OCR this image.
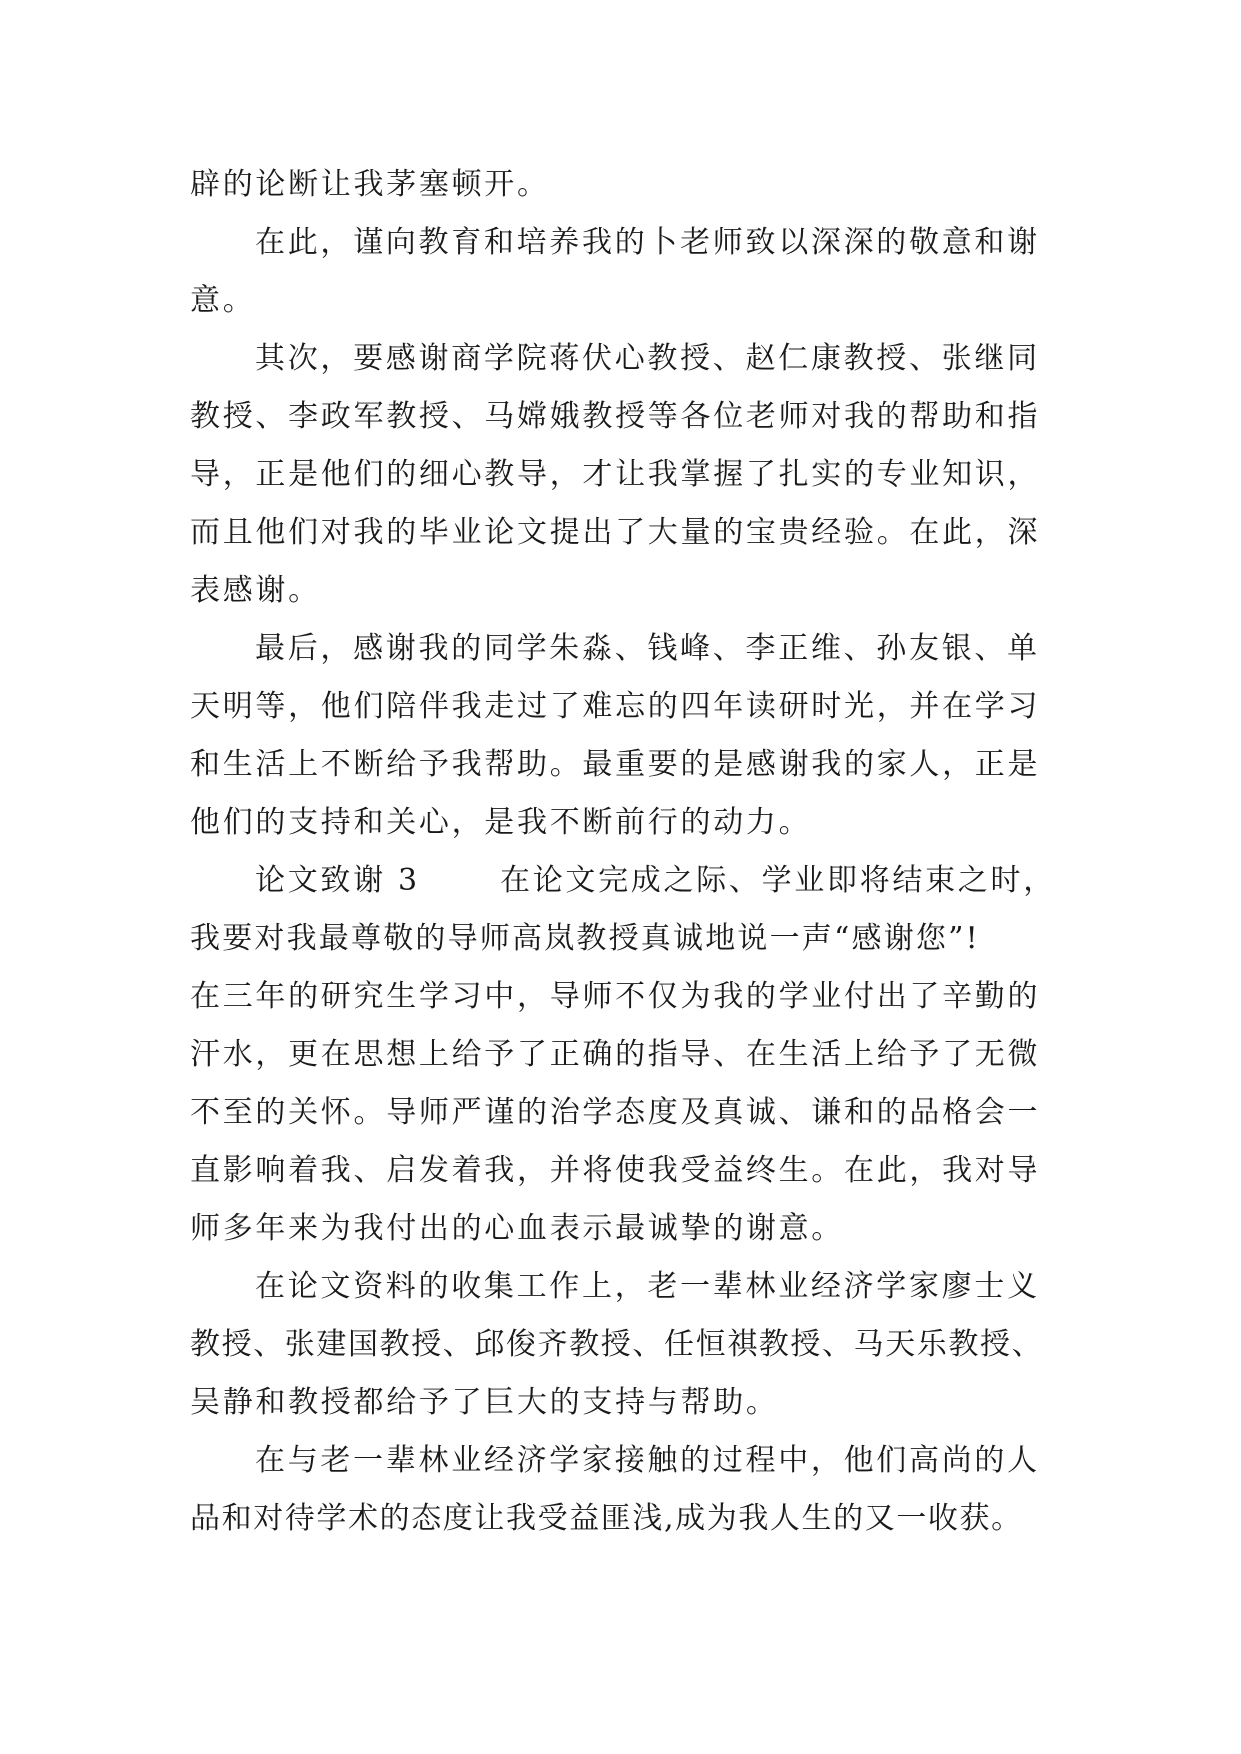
辟的论断让我茅塞顿开。
在此，谨向教育和培养我的卜老师致以深深的敬意和谢
意。
其次，要感谢商学院蒋伏心教授、赵仁康教授、张继同
教授、李政军教授、马嫦娥教授等各位老师对我的帮助和指
导，正是他们的细心教导，才让我掌握了扎实的专业知识，
而且他们对我的毕业论文提出了大量的宝贵经验。在此，深
表感谢。
最后，感谢我的同学朱淼、钱峰、李正维、孙友银、单
天明等，他们陪伴我走过了难忘的四年读研时光，并在学习
和生活上不断给予我帮助。最重要的是感谢我的家人，正是
他们的支持和关心，是我不断前行的动力。
论文致谢 3	在论文完成之际、学业即将结束之时，
我要对我最尊敬的导师高岚教授真诚地说一声“感谢您”!
在三年的研究生学习中，导师不仅为我的学业付出了辛勤的
汗水，更在思想上给予了正确的指导、在生活上给予了无微
不至的关怀。导师严谨的治学态度及真诚、谦和的品格会一
直影响着我、启发着我，并将使我受益终生。在此，我对导
师多年来为我付出的心血表示最诚挚的谢意。
在论文资料的收集工作上，老一辈林业经济学家廖士义
教授、张建国教授、邱俊齐教授、任恒祺教授、马天乐教授、
吴静和教授都给予了巨大的支持与帮助。
在与老一辈林业经济学家接触的过程中，他们高尚的人
品和对待学术的态度让我受益匪浅,成为我人生的又一收获。
